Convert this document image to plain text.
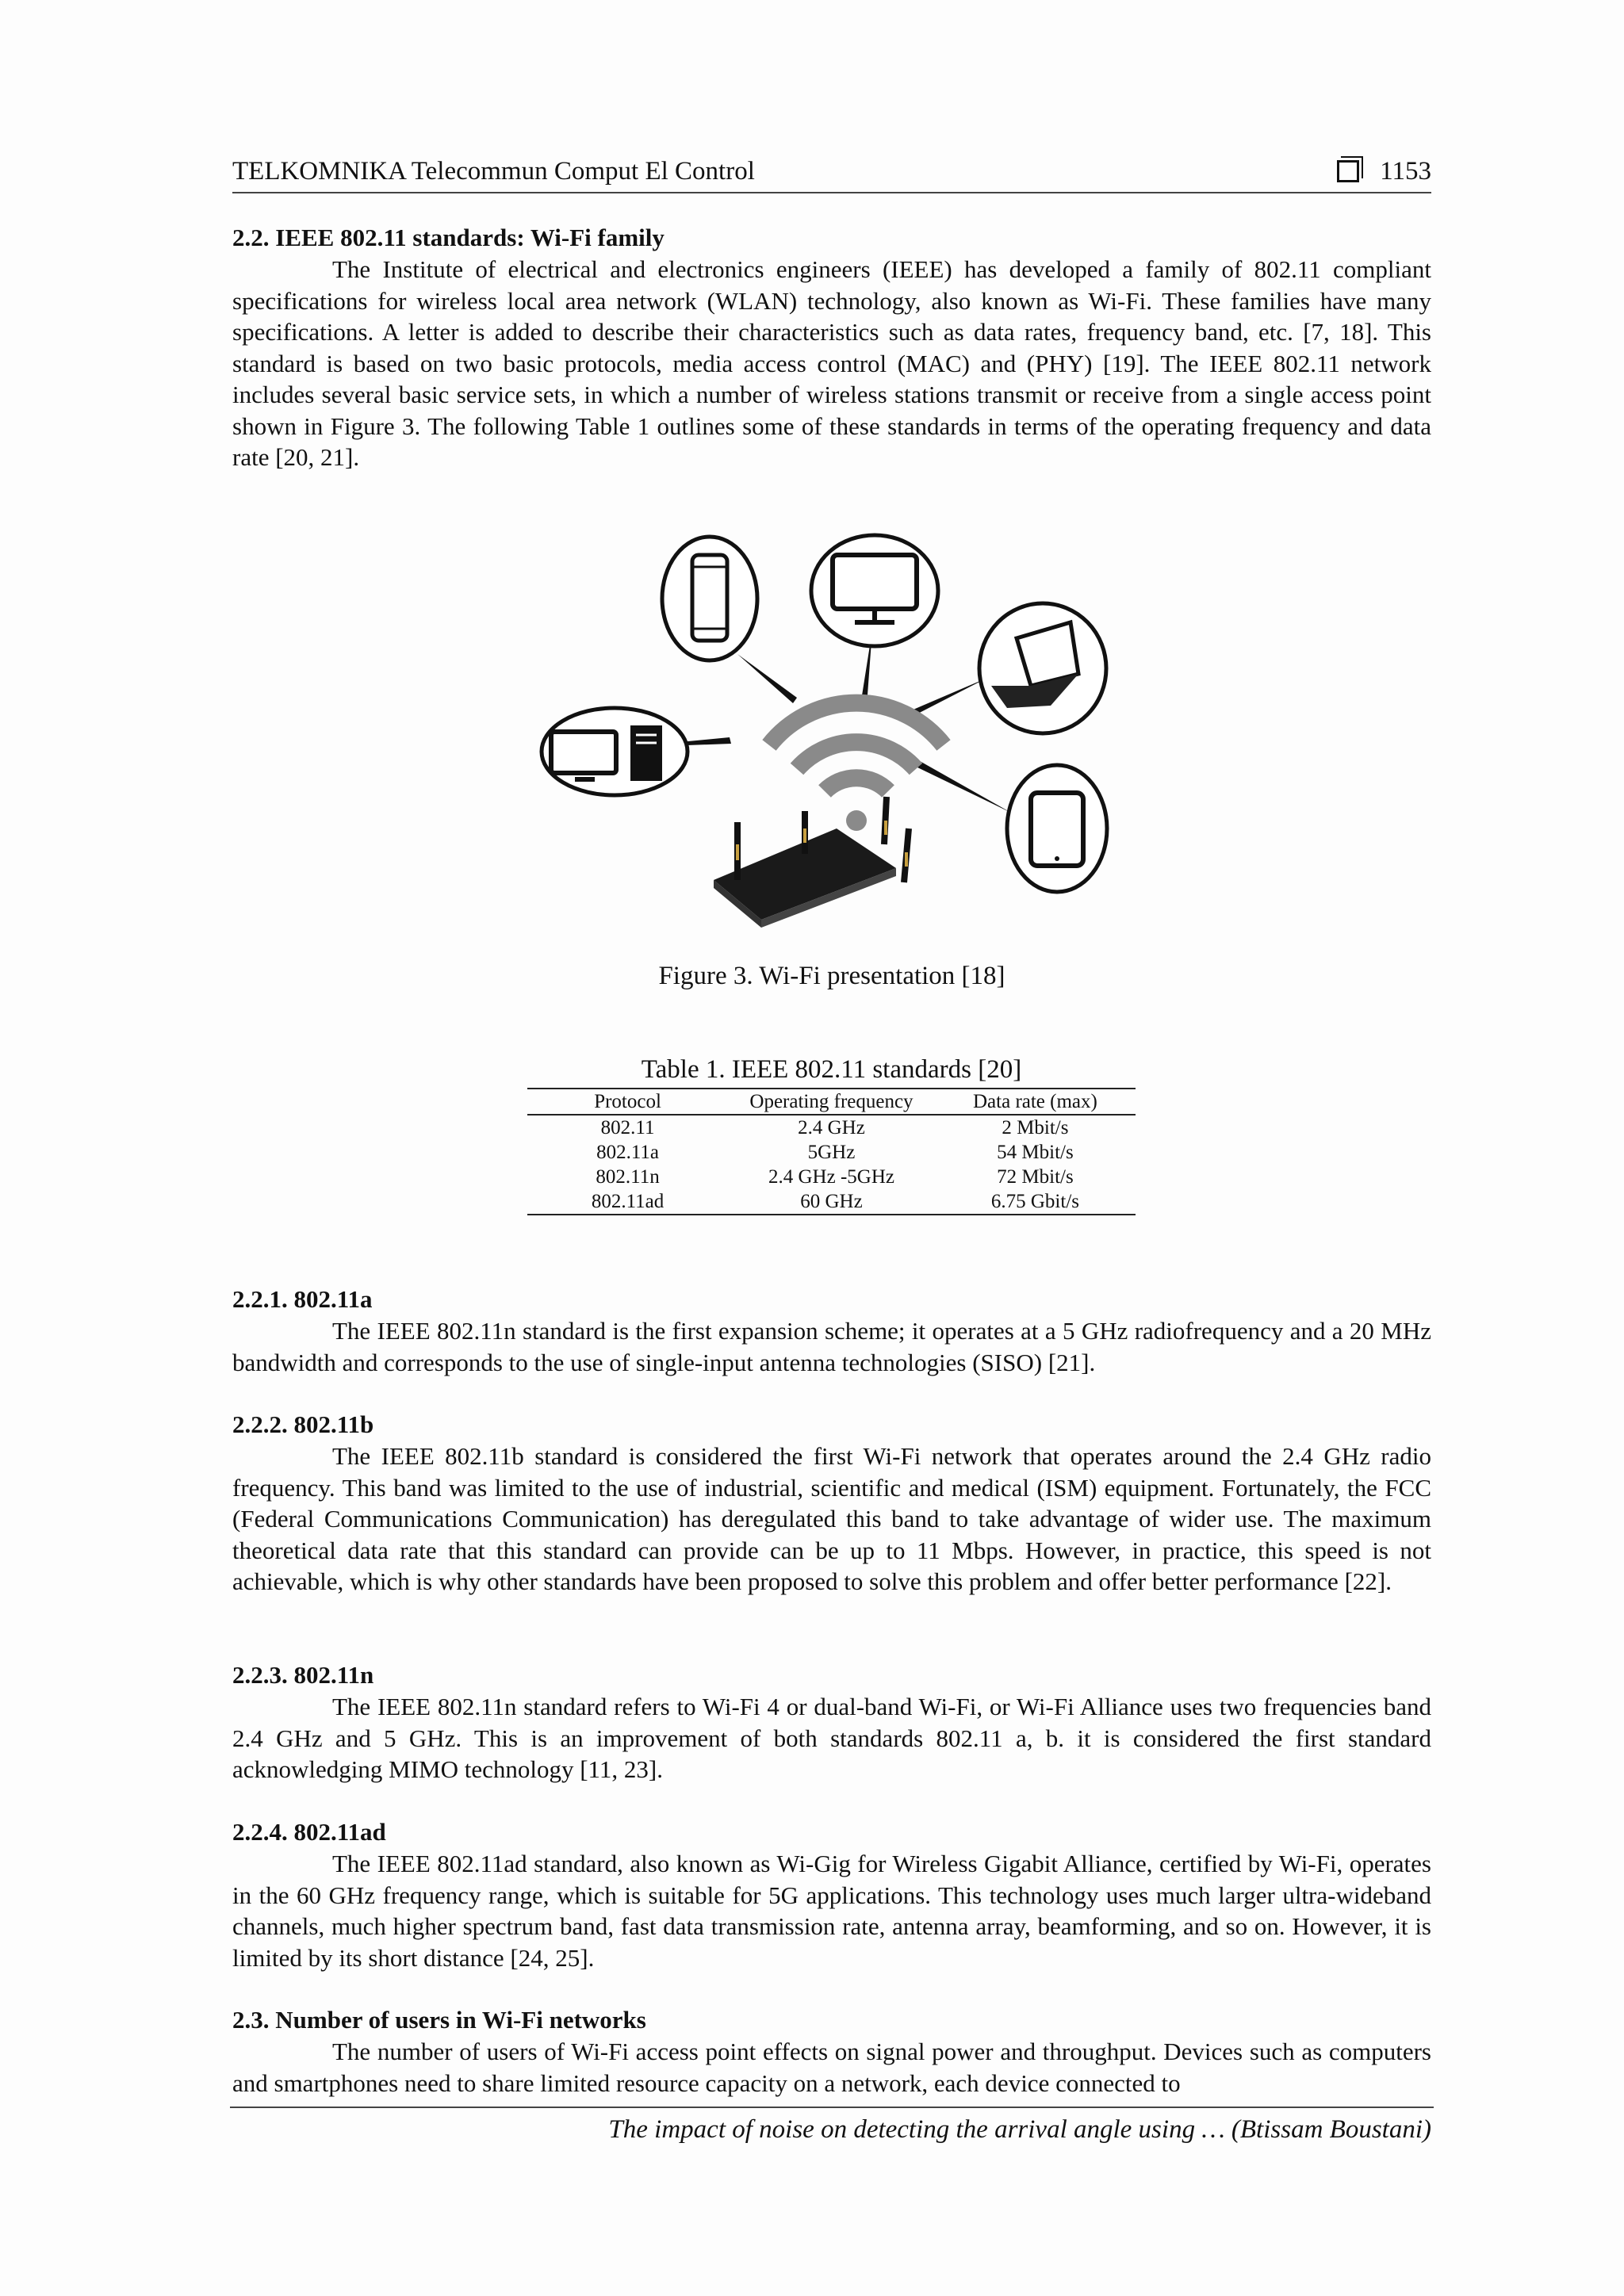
TELKOMNIKA Telecommun Comput El Control	1153
2.2. IEEE 802.11 standards: Wi-Fi family
The Institute of electrical and electronics engineers (IEEE) has developed a family of 802.11 compliant specifications for wireless local area network (WLAN) technology, also known as Wi-Fi. These families have many specifications. A letter is added to describe their characteristics such as data rates, frequency band, etc. [7, 18]. This standard is based on two basic protocols, media access control (MAC) and (PHY) [19]. The IEEE 802.11 network includes several basic service sets, in which a number of wireless stations transmit or receive from a single access point shown in Figure 3. The following Table 1 outlines some of these standards in terms of the operating frequency and data rate [20, 21].
Figure 3. Wi-Fi presentation [18]
Table 1. IEEE 802.11 standards [20]
Protocol	Operating frequency	Data rate (max)
802.11	2.4 GHz	2 Mbit/s
802.11a	5GHz	54 Mbit/s
802.11n	2.4 GHz -5GHz	72 Mbit/s
802.11ad	60 GHz	6.75 Gbit/s
2.2.1. 802.11a
The IEEE 802.11n standard is the first expansion scheme; it operates at a 5 GHz radiofrequency and a 20 MHz bandwidth and corresponds to the use of single-input antenna technologies (SISO) [21].
2.2.2. 802.11b
The IEEE 802.11b standard is considered the first Wi-Fi network that operates around the 2.4 GHz radio frequency. This band was limited to the use of industrial, scientific and medical (ISM) equipment. Fortunately, the FCC (Federal Communications Communication) has deregulated this band to take advantage of wider use. The maximum theoretical data rate that this standard can provide can be up to 11 Mbps. However, in practice, this speed is not achievable, which is why other standards have been proposed to solve this problem and offer better performance [22].
2.2.3. 802.11n
The IEEE 802.11n standard refers to Wi-Fi 4 or dual-band Wi-Fi, or Wi-Fi Alliance uses two frequencies band 2.4 GHz and 5 GHz. This is an improvement of both standards 802.11 a, b. it is considered the first standard acknowledging MIMO technology [11, 23].
2.2.4. 802.11ad
The IEEE 802.11ad standard, also known as Wi-Gig for Wireless Gigabit Alliance, certified by Wi-Fi, operates in the 60 GHz frequency range, which is suitable for 5G applications. This technology uses much larger ultra-wideband channels, much higher spectrum band, fast data transmission rate, antenna array, beamforming, and so on. However, it is limited by its short distance [24, 25].
2.3. Number of users in Wi-Fi networks
The number of users of Wi-Fi access point effects on signal power and throughput. Devices such as computers and smartphones need to share limited resource capacity on a network, each device connected to
The impact of noise on detecting the arrival angle using … (Btissam Boustani)
